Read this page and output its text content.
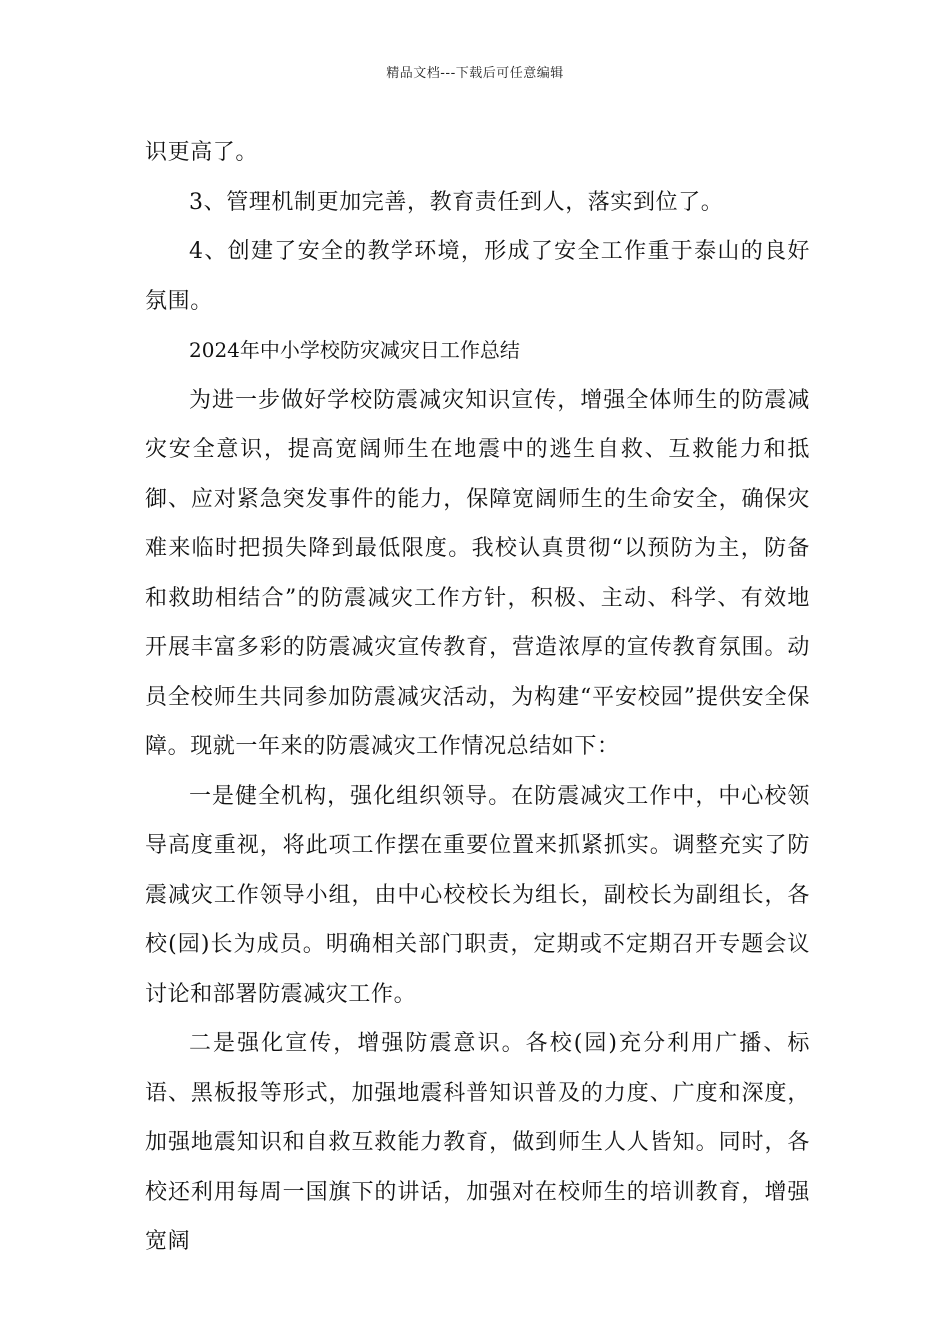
精品文档---下载后可任意编辑

识更高了。

3、管理机制更加完善，教育责任到人，落实到位了。

4、创建了安全的教学环境，形成了安全工作重于泰山的良好氛围。

2024年中小学校防灾减灾日工作总结

为进一步做好学校防震减灾知识宣传，增强全体师生的防震减灾安全意识，提高宽阔师生在地震中的逃生自救、互救能力和抵御、应对紧急突发事件的能力，保障宽阔师生的生命安全，确保灾难来临时把损失降到最低限度。我校认真贯彻“以预防为主，防备和救助相结合”的防震减灾工作方针，积极、主动、科学、有效地开展丰富多彩的防震减灾宣传教育，营造浓厚的宣传教育氛围。动员全校师生共同参加防震减灾活动，为构建“平安校园”提供安全保障。现就一年来的防震减灾工作情况总结如下：

一是健全机构，强化组织领导。在防震减灾工作中，中心校领导高度重视，将此项工作摆在重要位置来抓紧抓实。调整充实了防震减灾工作领导小组，由中心校校长为组长，副校长为副组长，各校(园)长为成员。明确相关部门职责，定期或不定期召开专题会议讨论和部署防震减灾工作。

二是强化宣传，增强防震意识。各校(园)充分利用广播、标语、黑板报等形式，加强地震科普知识普及的力度、广度和深度，加强地震知识和自救互救能力教育，做到师生人人皆知。同时，各校还利用每周一国旗下的讲话，加强对在校师生的培训教育，增强宽阔
